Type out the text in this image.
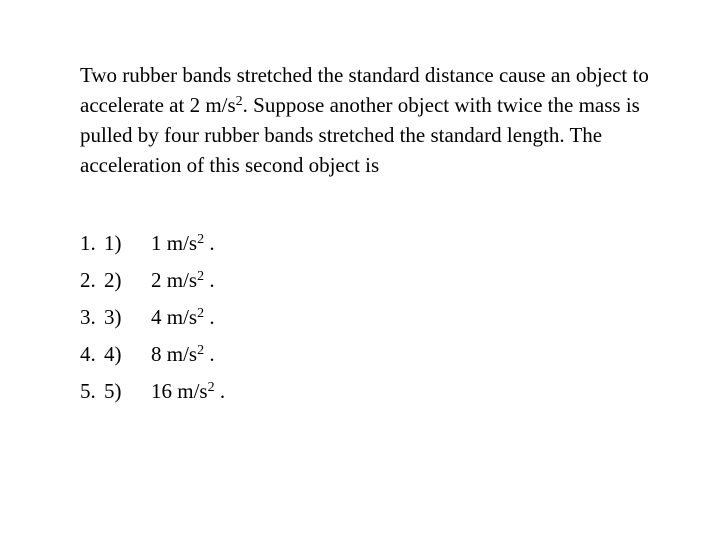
Two rubber bands stretched the standard distance cause an object to accelerate at 2 $m/s^2$. Suppose another object with twice the mass is pulled by four rubber bands stretched the standard length. The acceleration of this second object is

1. 1) 1 $m/s^2$ .
2. 2) 2 $m/s^2$ .
3. 3) 4 $m/s^2$ .
4. 4) 8 $m/s^2$ .
5. 5) 16 $m/s^2$ .
